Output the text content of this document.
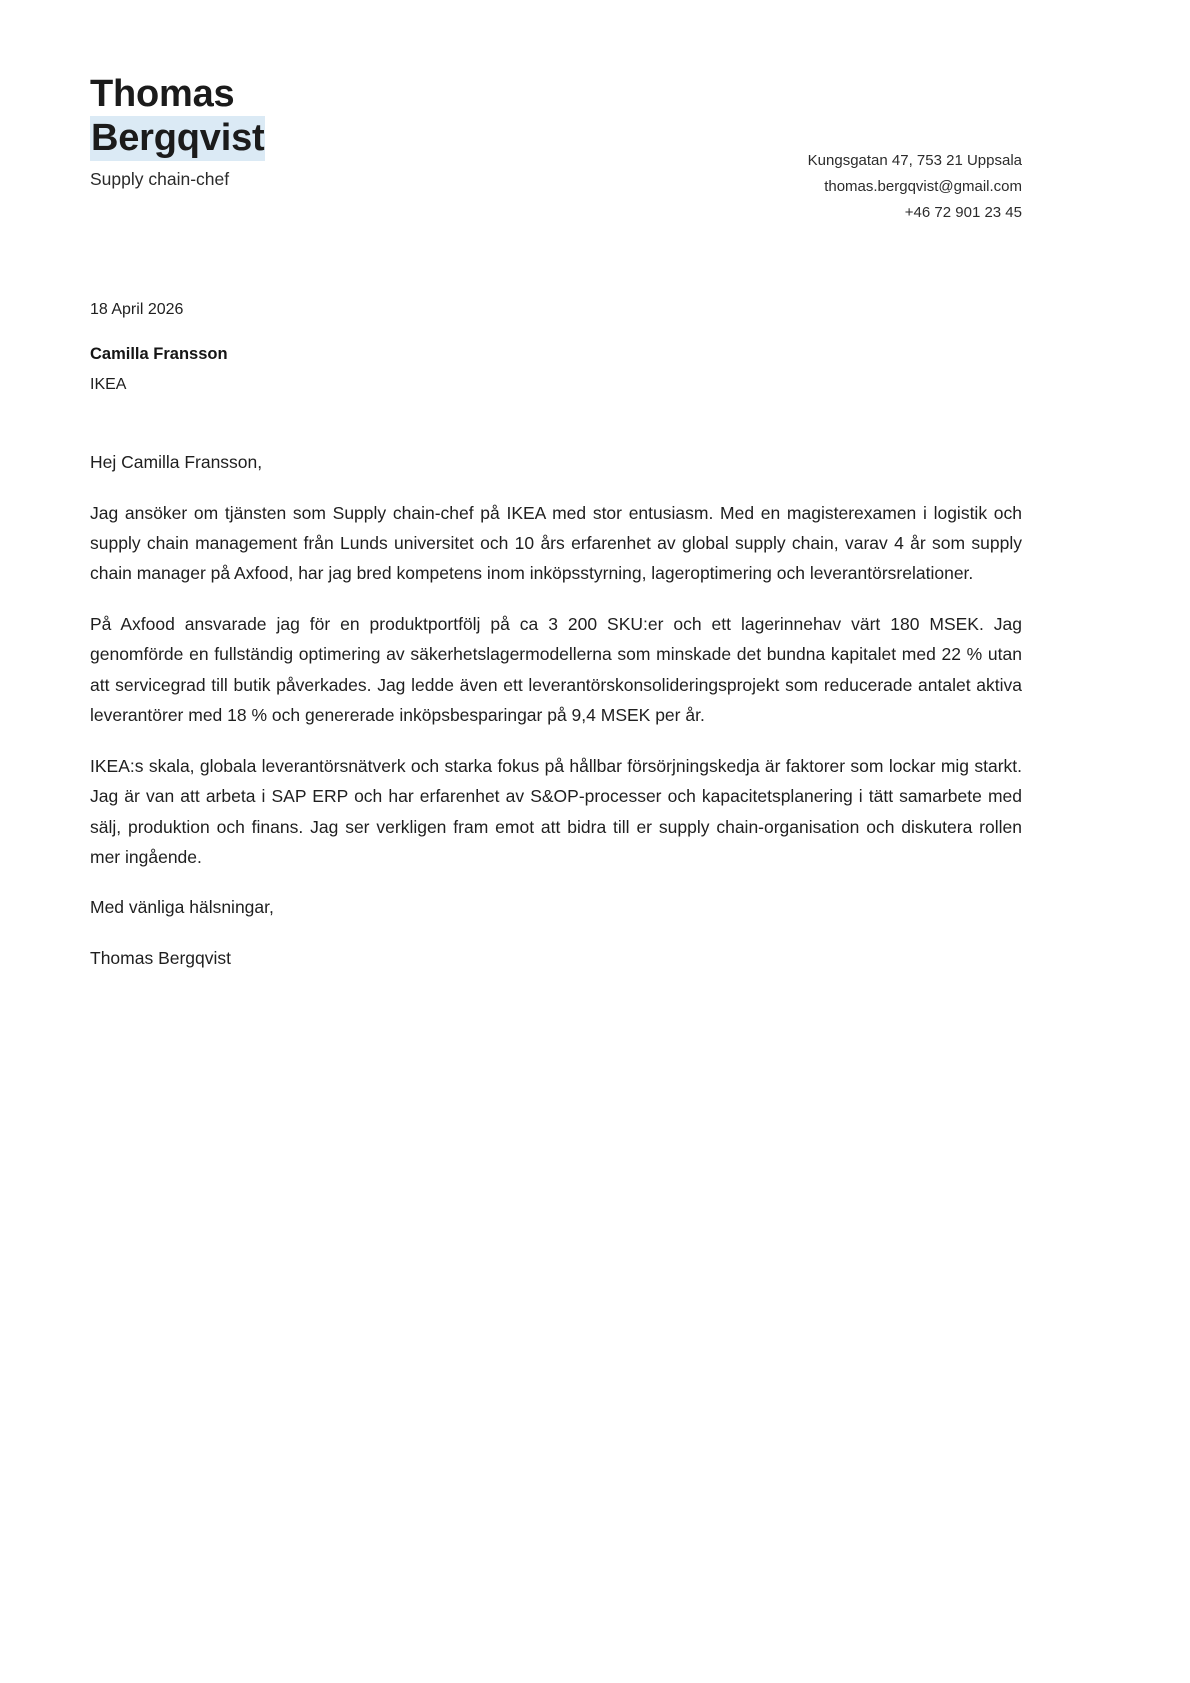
Thomas
Bergqvist
Supply chain-chef
Kungsgatan 47, 753 21 Uppsala
thomas.bergqvist@gmail.com
+46 72 901 23 45
18 April 2026
Camilla Fransson
IKEA

Hej Camilla Fransson,

Jag ansöker om tjänsten som Supply chain-chef på IKEA med stor entusiasm. Med en magisterexamen i logistik och supply chain management från Lunds universitet och 10 års erfarenhet av global supply chain, varav 4 år som supply chain manager på Axfood, har jag bred kompetens inom inköpsstyrning, lageroptimering och leverantörsrelationer.

På Axfood ansvarade jag för en produktportfölj på ca 3 200 SKU:er och ett lagerinnehav värt 180 MSEK. Jag genomförde en fullständig optimering av säkerhetslagermodellerna som minskade det bundna kapitalet med 22 % utan att servicegrad till butik påverkades. Jag ledde även ett leverantörskonsolideringsprojekt som reducerade antalet aktiva leverantörer med 18 % och genererade inköpsbesparingar på 9,4 MSEK per år.

IKEA:s skala, globala leverantörsnätverk och starka fokus på hållbar försörjningskedja är faktorer som lockar mig starkt. Jag är van att arbeta i SAP ERP och har erfarenhet av S&OP-processer och kapacitetsplanering i tätt samarbete med sälj, produktion och finans. Jag ser verkligen fram emot att bidra till er supply chain-organisation och diskutera rollen mer ingående.

Med vänliga hälsningar,

Thomas Bergqvist
